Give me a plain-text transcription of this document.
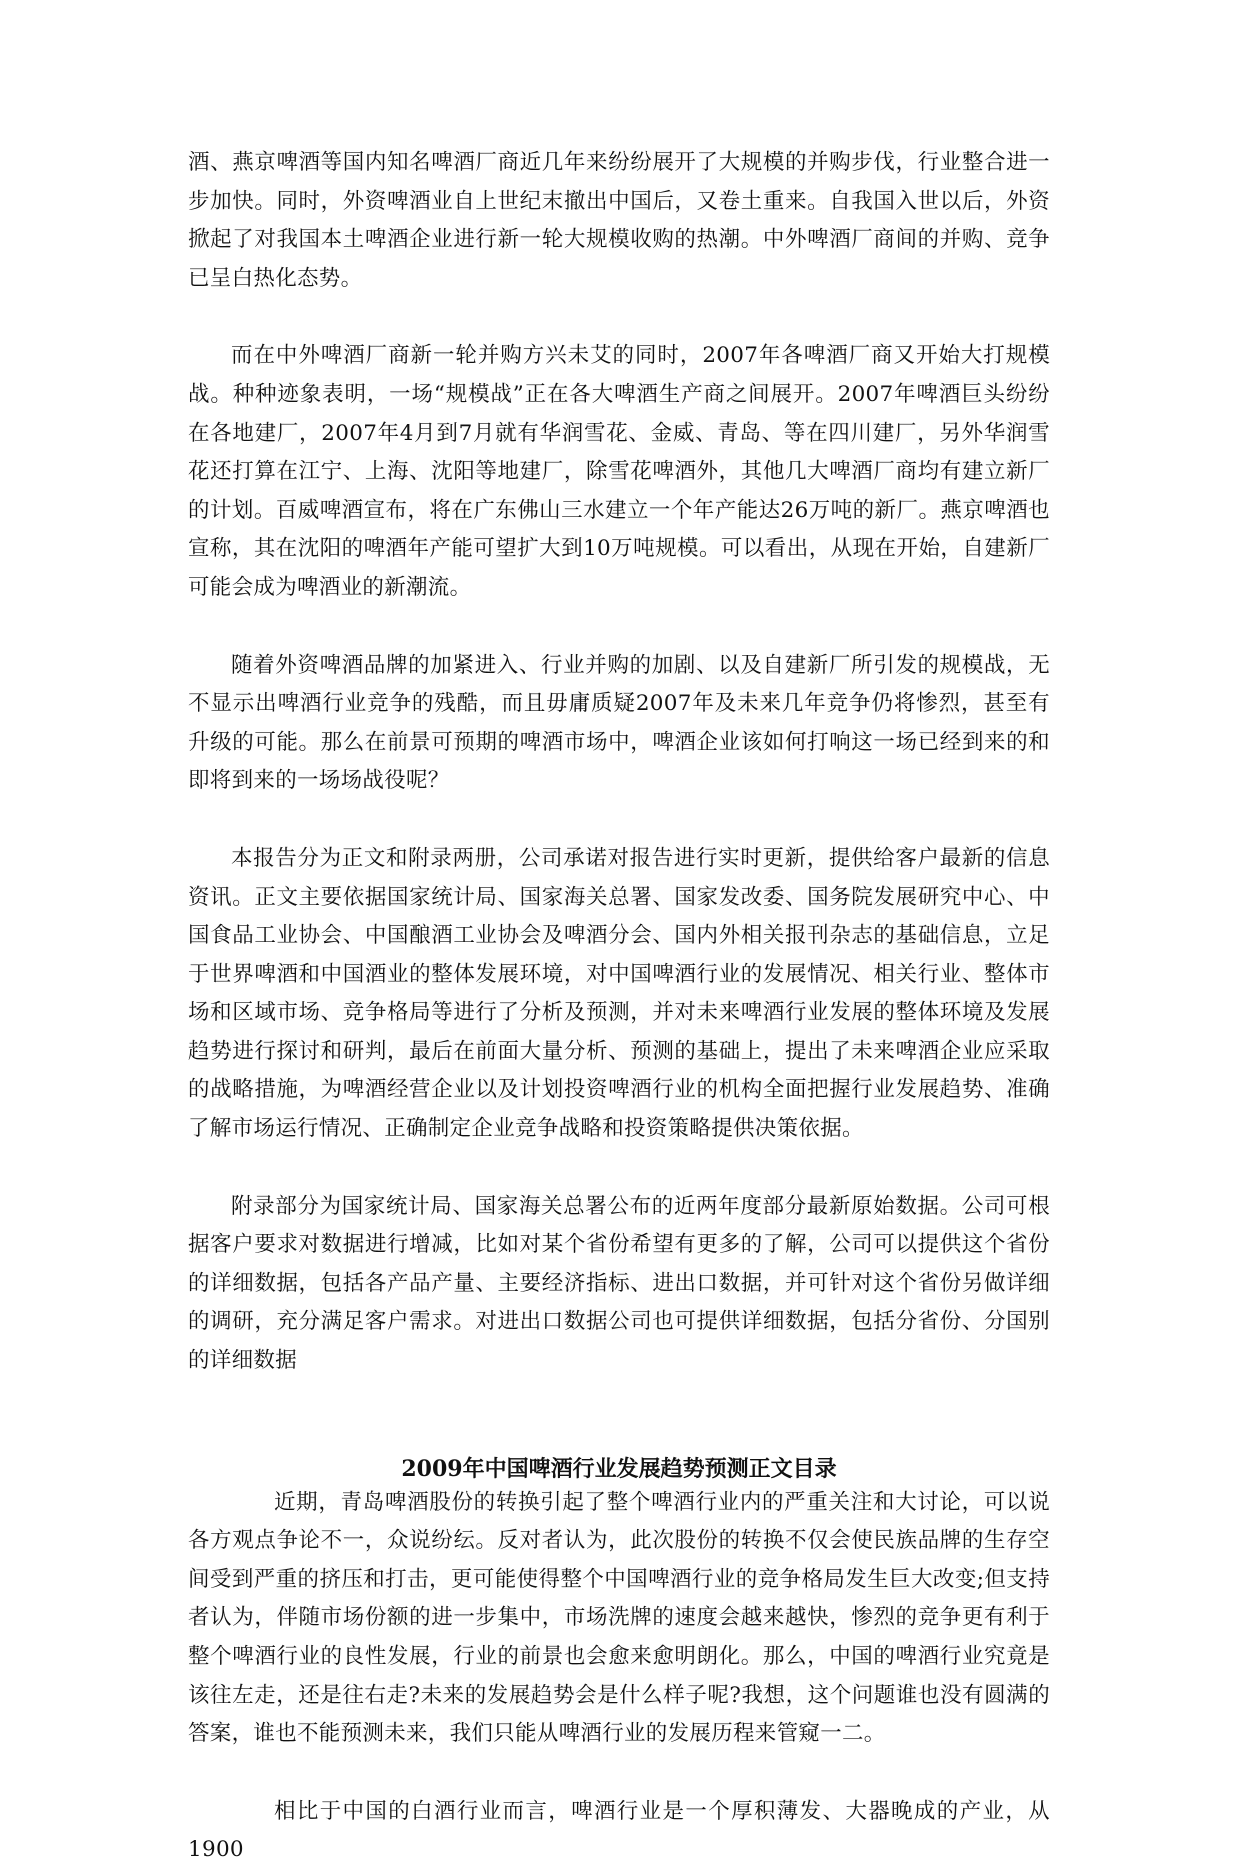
酒、燕京啤酒等国内知名啤酒厂商近几年来纷纷展开了大规模的并购步伐，行业整合进一步加快。同时，外资啤酒业自上世纪末撤出中国后，又卷土重来。自我国入世以后，外资掀起了对我国本土啤酒企业进行新一轮大规模收购的热潮。中外啤酒厂商间的并购、竞争已呈白热化态势。

而在中外啤酒厂商新一轮并购方兴未艾的同时，2007年各啤酒厂商又开始大打规模战。种种迹象表明，一场“规模战”正在各大啤酒生产商之间展开。2007年啤酒巨头纷纷在各地建厂，2007年4月到7月就有华润雪花、金威、青岛、等在四川建厂，另外华润雪花还打算在江宁、上海、沈阳等地建厂，除雪花啤酒外，其他几大啤酒厂商均有建立新厂的计划。百威啤酒宣布，将在广东佛山三水建立一个年产能达26万吨的新厂。燕京啤酒也宣称，其在沈阳的啤酒年产能可望扩大到10万吨规模。可以看出，从现在开始，自建新厂可能会成为啤酒业的新潮流。

随着外资啤酒品牌的加紧进入、行业并购的加剧、以及自建新厂所引发的规模战，无不显示出啤酒行业竞争的残酷，而且毋庸质疑2007年及未来几年竞争仍将惨烈，甚至有升级的可能。那么在前景可预期的啤酒市场中，啤酒企业该如何打响这一场已经到来的和即将到来的一场场战役呢？

本报告分为正文和附录两册，公司承诺对报告进行实时更新，提供给客户最新的信息资讯。正文主要依据国家统计局、国家海关总署、国家发改委、国务院发展研究中心、中国食品工业协会、中国酿酒工业协会及啤酒分会、国内外相关报刊杂志的基础信息，立足于世界啤酒和中国酒业的整体发展环境，对中国啤酒行业的发展情况、相关行业、整体市场和区域市场、竞争格局等进行了分析及预测，并对未来啤酒行业发展的整体环境及发展趋势进行探讨和研判，最后在前面大量分析、预测的基础上，提出了未来啤酒企业应采取的战略措施，为啤酒经营企业以及计划投资啤酒行业的机构全面把握行业发展趋势、准确了解市场运行情况、正确制定企业竞争战略和投资策略提供决策依据。

附录部分为国家统计局、国家海关总署公布的近两年度部分最新原始数据。公司可根据客户要求对数据进行增减，比如对某个省份希望有更多的了解，公司可以提供这个省份的详细数据，包括各产品产量、主要经济指标、进出口数据，并可针对这个省份另做详细的调研，充分满足客户需求。对进出口数据公司也可提供详细数据，包括分省份、分国别的详细数据

2009年中国啤酒行业发展趋势预测正文目录

近期，青岛啤酒股份的转换引起了整个啤酒行业内的严重关注和大讨论，可以说各方观点争论不一，众说纷纭。反对者认为，此次股份的转换不仅会使民族品牌的生存空间受到严重的挤压和打击，更可能使得整个中国啤酒行业的竞争格局发生巨大改变;但支持者认为，伴随市场份额的进一步集中，市场洗牌的速度会越来越快，惨烈的竞争更有利于整个啤酒行业的良性发展，行业的前景也会愈来愈明朗化。那么，中国的啤酒行业究竟是该往左走，还是往右走?未来的发展趋势会是什么样子呢?我想，这个问题谁也没有圆满的答案，谁也不能预测未来，我们只能从啤酒行业的发展历程来管窥一二。

相比于中国的白酒行业而言，啤酒行业是一个厚积薄发、大器晚成的产业，从1900
